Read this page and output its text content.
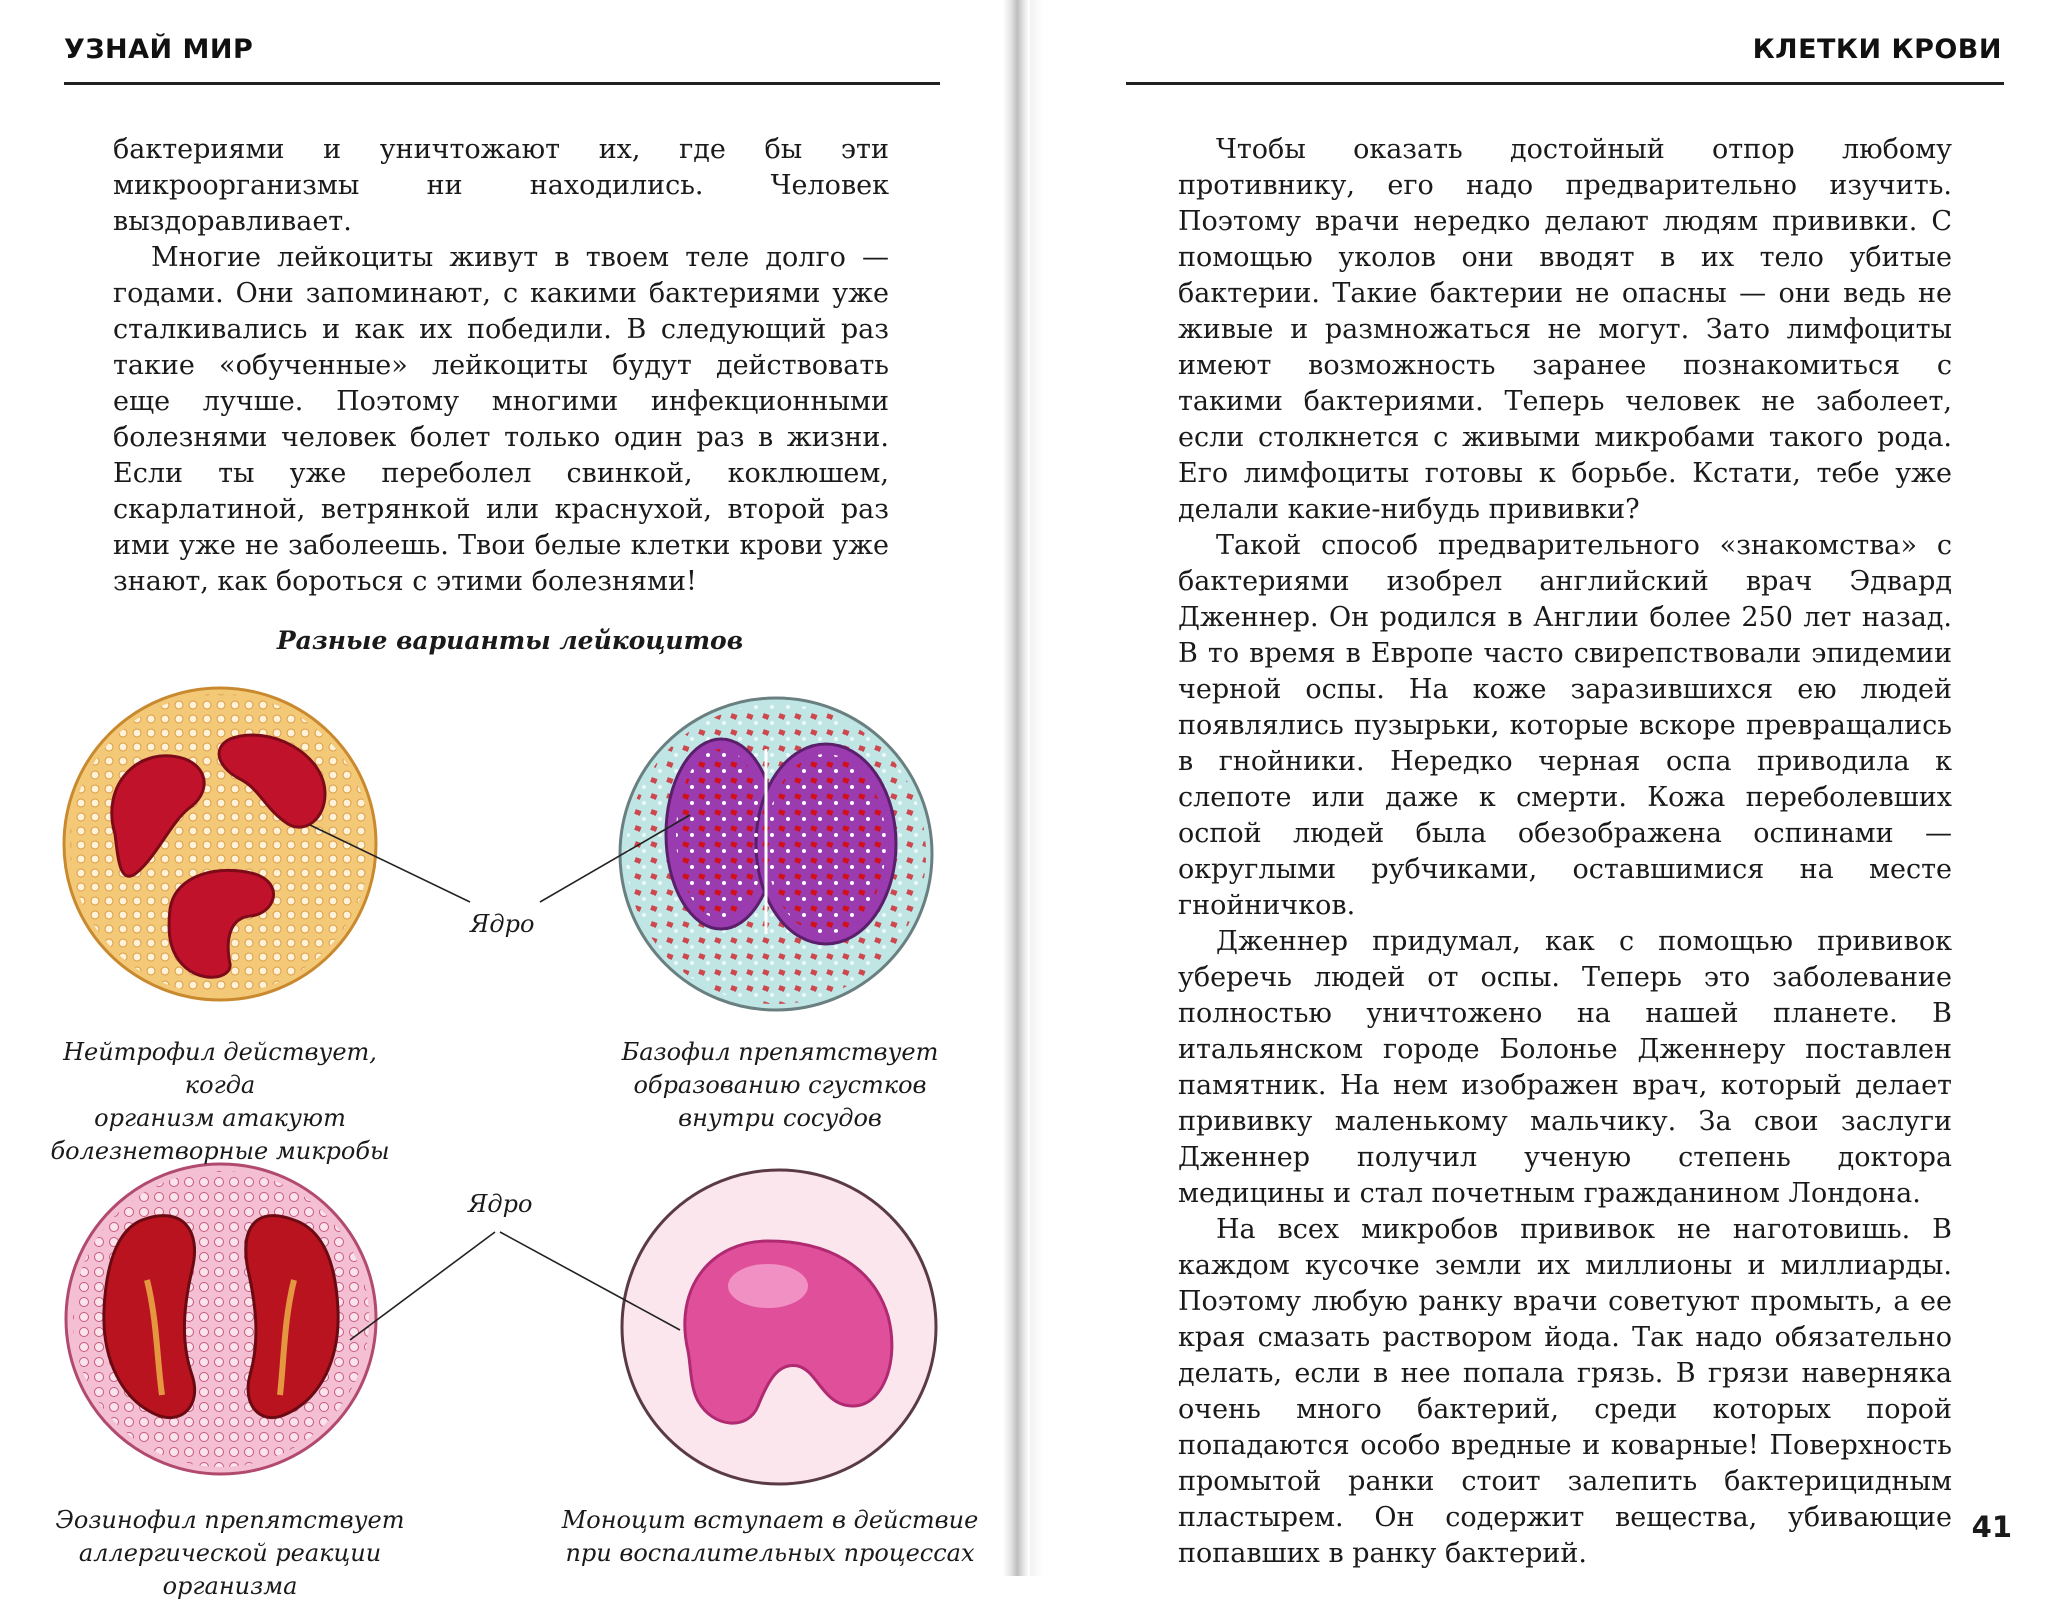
УЗНАЙ МИР

бактериями и уничтожают их, где бы эти микроорганизмы ни находились. Человек выздоравливает.

Многие лейкоциты живут в твоем теле долго — годами. Они запоминают, с какими бактериями уже сталкивались и как их победили. В следующий раз такие «обученные» лейкоциты будут действовать еще лучше. Поэтому многими инфекционными болезнями человек болет только один раз в жизни. Если ты уже переболел свинкой, коклюшем, скарлатиной, ветрянкой или краснухой, второй раз ими уже не заболеешь. Твои белые клетки крови уже знают, как бороться с этими болезнями!

Разные варианты лейкоцитов
Ядро
Ядро
Нейтрофил действует, когда
организм атакуют
болезнетворные микробы
Базофил препятствует
образованию сгустков
внутри сосудов
Эозинофил препятствует
аллергической реакции организма
Моноцит вступает в действие
при воспалительных процессах
КЛЕТКИ КРОВИ

Чтобы оказать достойный отпор любому противнику, его надо предварительно изучить. Поэтому врачи нередко делают людям прививки. С помощью уколов они вводят в их тело убитые бактерии. Такие бактерии не опасны — они ведь не живые и размножаться не могут. Зато лимфоциты имеют возможность заранее познакомиться с такими бактериями. Теперь человек не заболеет, если столкнется с живыми микробами такого рода. Его лимфоциты готовы к борьбе. Кстати, тебе уже делали какие-нибудь прививки?

Такой способ предварительного «знакомства» с бактериями изобрел английский врач Эдвард Дженнер. Он родился в Англии более 250 лет назад. В то время в Европе часто свирепствовали эпидемии черной оспы. На коже заразившихся ею людей появлялись пузырьки, которые вскоре превращались в гнойники. Нередко черная оспа приводила к слепоте или даже к смерти. Кожа переболевших оспой людей была обезображена оспинами — округлыми рубчиками, оставшимися на месте гнойничков.

Дженнер придумал, как с помощью прививок уберечь людей от оспы. Теперь это заболевание полностью уничтожено на нашей планете. В итальянском городе Болонье Дженнеру поставлен памятник. На нем изображен врач, который делает прививку маленькому мальчику. За свои заслуги Дженнер получил ученую степень доктора медицины и стал почетным гражданином Лондона.

На всех микробов прививок не наготовишь. В каждом кусочке земли их миллионы и миллиарды. Поэтому любую ранку врачи советуют промыть, а ее края смазать раствором йода. Так надо обязательно делать, если в нее попала грязь. В грязи наверняка очень много бактерий, среди которых порой попадаются особо вредные и коварные! Поверхность промытой ранки стоит залепить бактерицидным пластырем. Он содержит вещества, убивающие попавших в ранку бактерий.

41
